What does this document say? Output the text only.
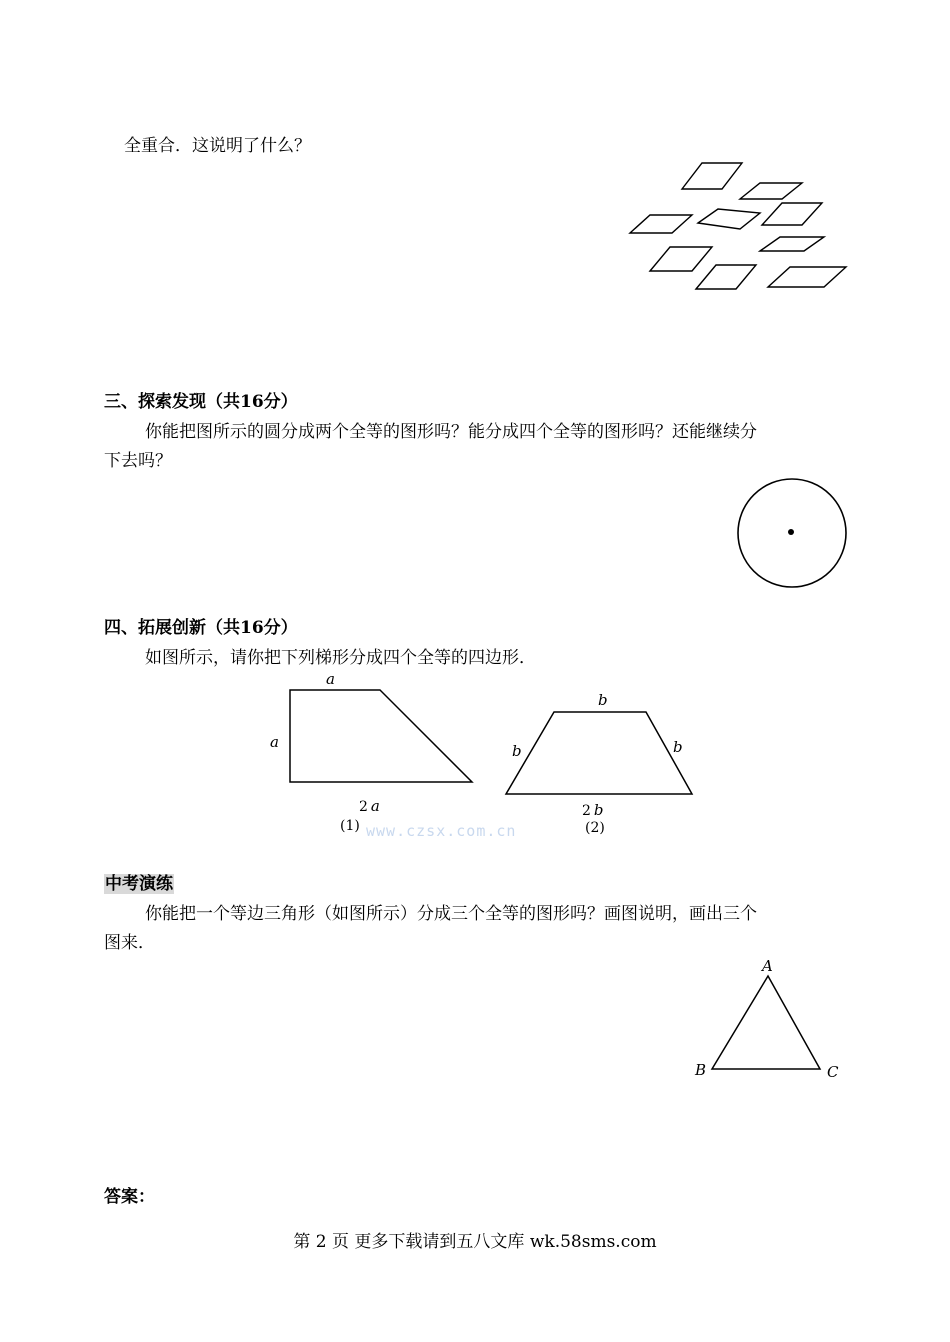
全重合．这说明了什么？
三、探索发现（共16分）
你能把图所示的圆分成两个全等的图形吗？能分成四个全等的图形吗？还能继续分
下去吗？
四、拓展创新（共16分）
如图所示，请你把下列梯形分成四个全等的四边形．
a
a
2 a
(1) www.czsx.com.cn
b
b	b
2 b
(2)
中考演练
你能把一个等边三角形（如图所示）分成三个全等的图形吗？画图说明，画出三个
图来．
A
B	C
答案：
第 2 页 更多下载请到五八文库 wk.58sms.com
